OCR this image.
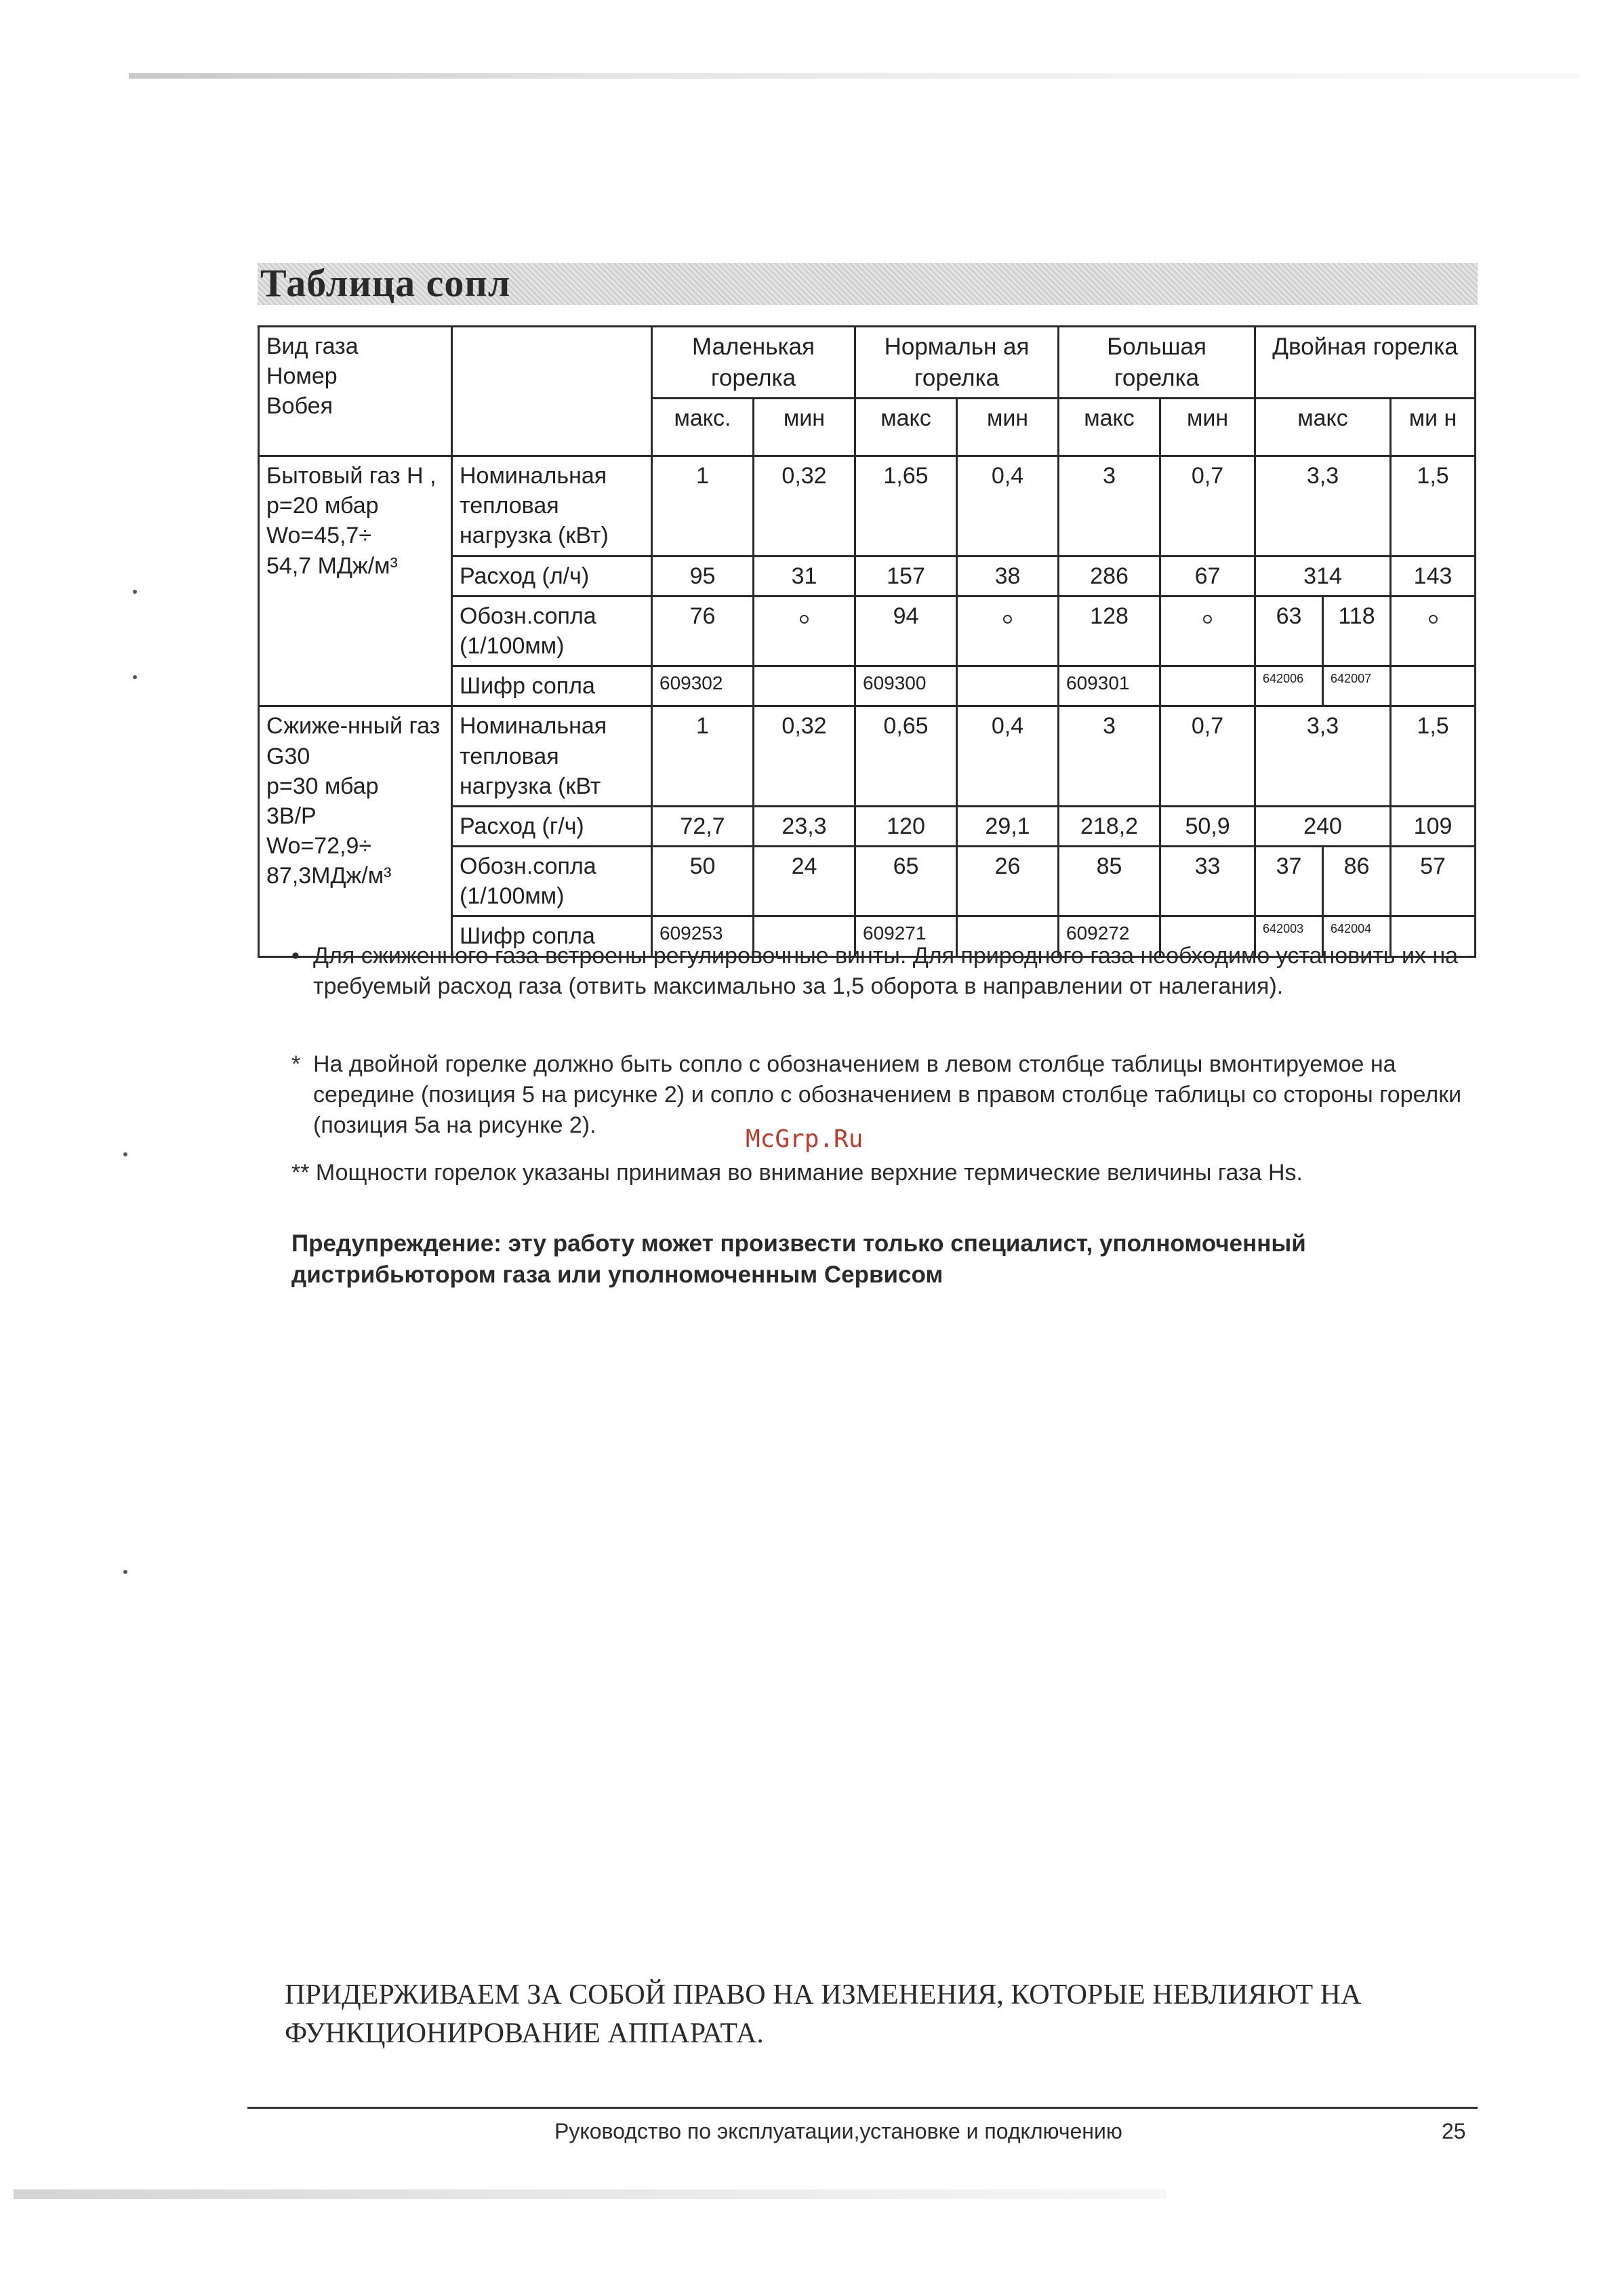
Таблица сопл
Вид газа
Номер
Вобея		Маленькая горелка		Нормальн ая горелка		Большая горелка		Двойная горелка		
		макс.	мин	макс	мин	макс	мин	макс		ми н

Бытовый газ Н ,
р=20 мбар
Wo=45,7÷
54,7 МДж/м³	Номинальная тепловая нагрузка (кВт)	1	0,32	1,65	0,4	3	0,7	3,3		1,5
	Расход (л/ч)	95	31	157	38	286	67	314		143
	Обозн.сопла (1/100мм)	76		94		128		63	118	
	Шифр сопла	609302		609300		609301		642006	642007	

Сжиже-нный газ G30
р=30 мбар
3B/P
Wo=72,9÷
87,3МДж/м³	Номинальная тепловая нагрузка (кВт	1	0,32	0,65	0,4	3	0,7	3,3		1,5
	Расход (г/ч)	72,7	23,3	120	29,1	218,2	50,9	240		109
	Обозн.сопла (1/100мм)	50	24	65	26	85	33	37	86	57
	Шифр сопла	609253		609271		609272		642003	642004	
• Для сжиженного газа встроены регулировочные винты. Для природного газа необходимо установить их на требуемый расход газа (отвить максимально за 1,5 оборота в направлении от налегания).
* На двойной горелке должно быть сопло с обозначением в левом столбце таблицы вмонтируемое на середине (позиция 5 на рисунке 2) и сопло с обозначением в правом столбце таблицы со стороны горелки (позиция 5а на рисунке 2).
** Мощности горелок указаны принимая во внимание верхние термические величины газа Hs.
Предупреждение: эту работу может произвести только специалист, уполномоченный дистрибьютором газа или уполномоченным Сервисом
McGrp.Ru
ПРИДЕРЖИВАЕМ ЗА СОБОЙ ПРАВО НА ИЗМЕНЕНИЯ, КОТОРЫЕ НЕВЛИЯЮТ НА ФУНКЦИОНИРОВАНИЕ АППАРАТА.
Руководство по эксплуатации,установке и подключению	25
